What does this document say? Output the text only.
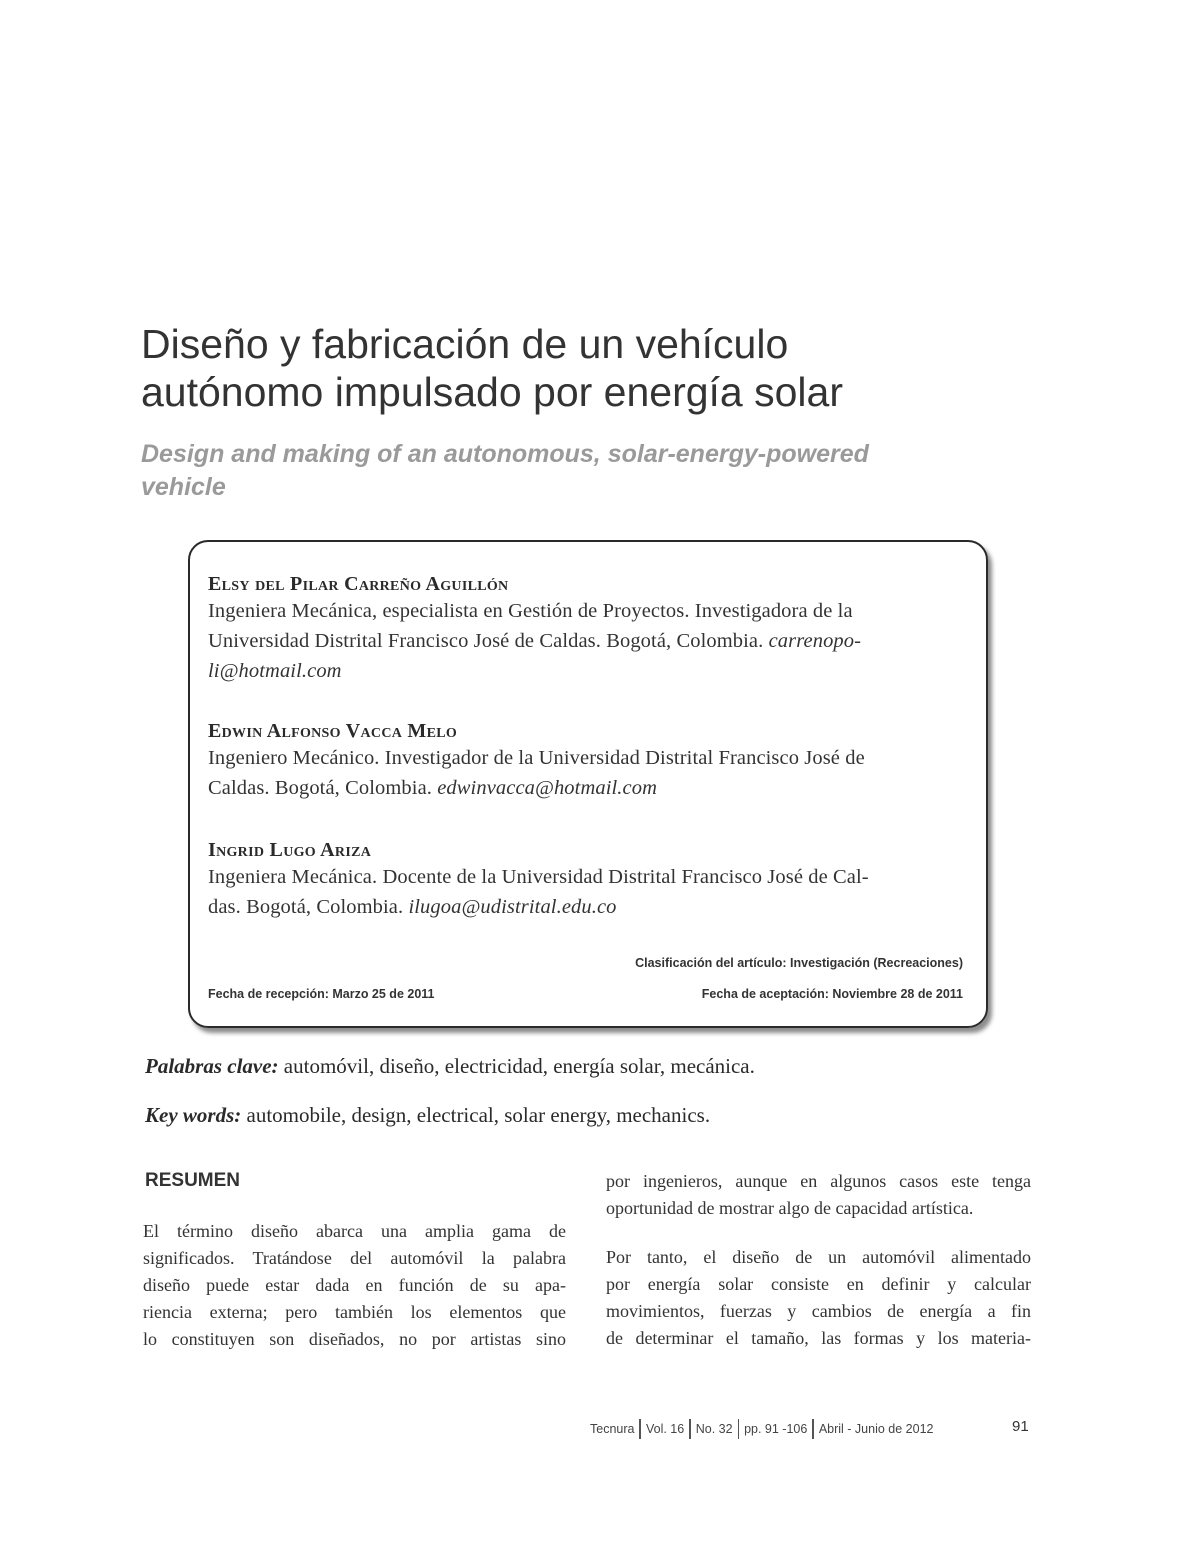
Diseño y fabricación de un vehículo
autónomo impulsado por energía solar
Design and making of an autonomous, solar-energy-powered
vehicle
Elsy del Pilar Carreño Aguillón
Ingeniera Mecánica, especialista en Gestión de Proyectos. Investigadora de la
Universidad Distrital Francisco José de Caldas. Bogotá, Colombia. carrenopo-
li@hotmail.com
Edwin Alfonso Vacca Melo
Ingeniero Mecánico. Investigador de la Universidad Distrital Francisco José de
Caldas. Bogotá, Colombia. edwinvacca@hotmail.com
Ingrid Lugo Ariza
Ingeniera Mecánica. Docente de la Universidad Distrital Francisco José de Cal-
das. Bogotá, Colombia. ilugoa@udistrital.edu.co
Clasificación del artículo: Investigación (Recreaciones)
Fecha de recepción: Marzo 25 de 2011	Fecha de aceptación: Noviembre 28 de 2011
Palabras clave: automóvil, diseño, electricidad, energía solar, mecánica.
Key words: automobile, design, electrical, solar energy, mechanics.
RESUMEN
El término diseño abarca una amplia gama de
significados. Tratándose del automóvil la palabra
diseño puede estar dada en función de su apa-
riencia externa; pero también los elementos que
lo constituyen son diseñados, no por artistas sino
por ingenieros, aunque en algunos casos este tenga
oportunidad de mostrar algo de capacidad artística.
Por tanto, el diseño de un automóvil alimentado
por energía solar consiste en definir y calcular
movimientos, fuerzas y cambios de energía a fin
de determinar el tamaño, las formas y los materia-
Tecnura Vol. 16 No. 32 pp. 91 -106 Abril - Junio de 2012	91
